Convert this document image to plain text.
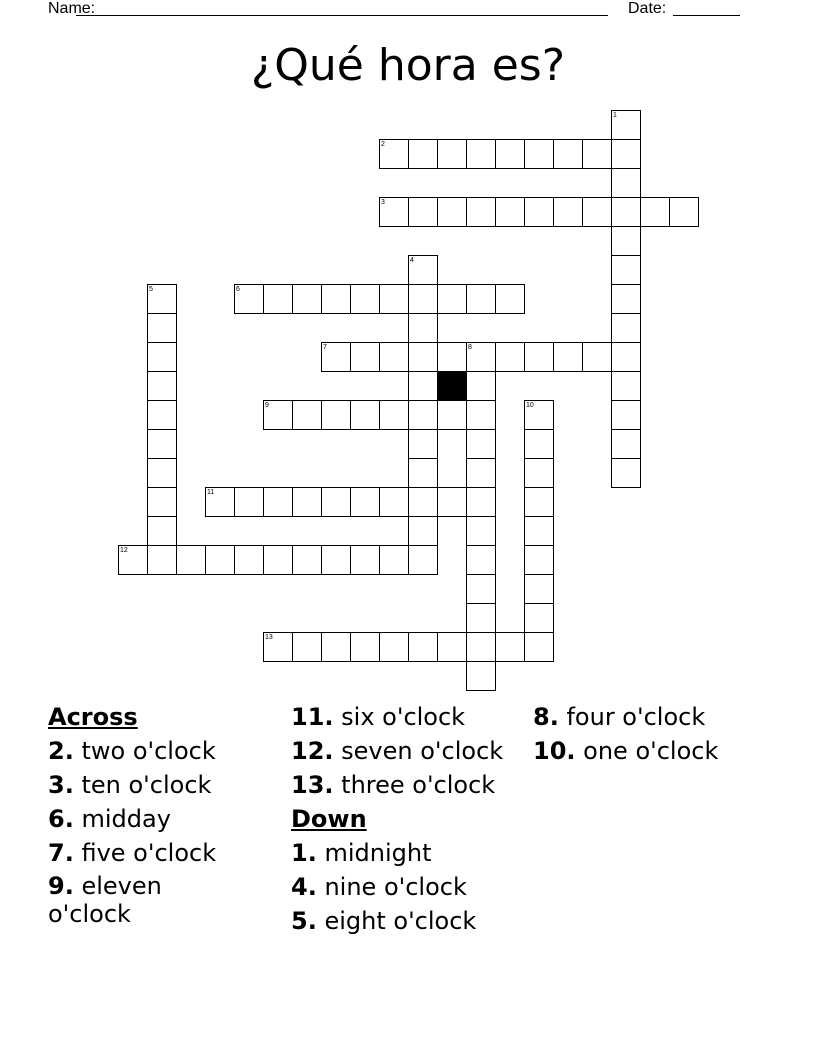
Name:	Date:
¿Qué hora es?
1
2
3
4
5	6
7	8
9	10
11
12
13
Across
2. two o'clock
3. ten o'clock
6. midday
7. five o'clock
9. eleven o'clock
11. six o'clock
12. seven o'clock
13. three o'clock
Down
1. midnight
4. nine o'clock
5. eight o'clock
8. four o'clock
10. one o'clock
